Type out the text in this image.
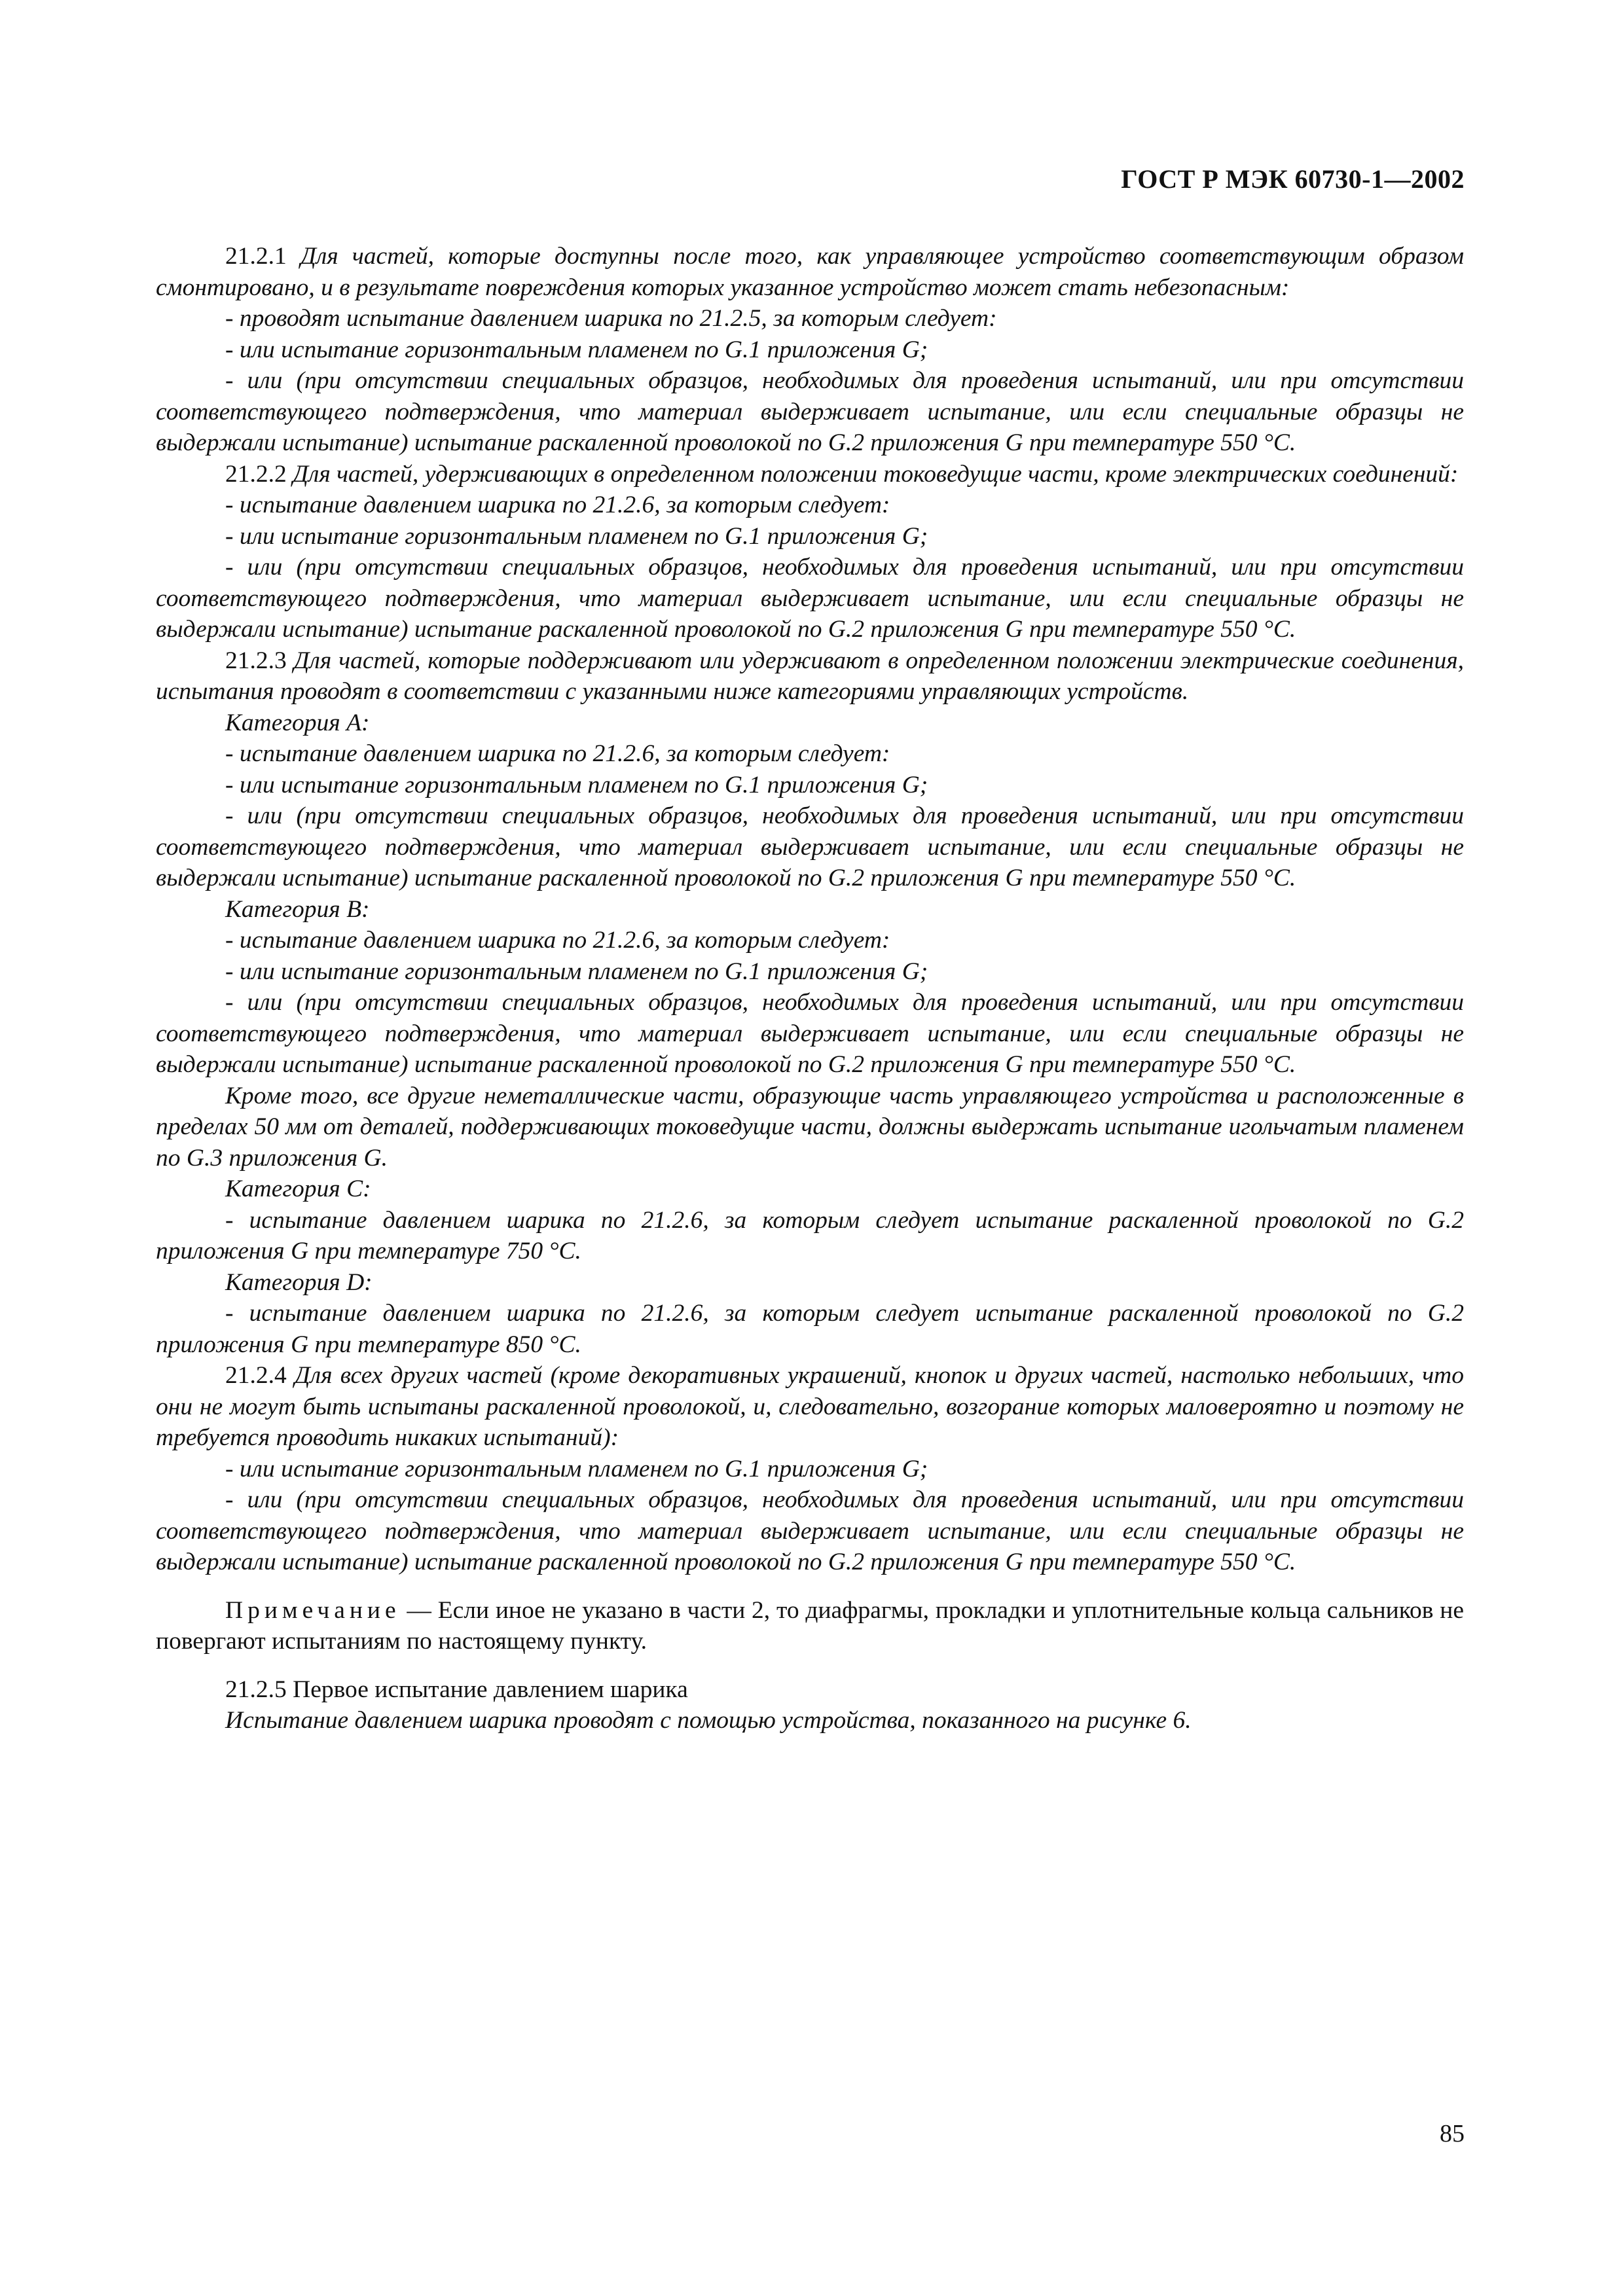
ГОСТ Р МЭК 60730-1—2002

21.2.1 Для частей, которые доступны после того, как управляющее устройство соответствующим образом смонтировано, и в результате повреждения которых указанное устройство может стать небезопасным:

- проводят испытание давлением шарика по 21.2.5, за которым следует:

- или испытание горизонтальным пламенем по G.1 приложения G;

- или (при отсутствии специальных образцов, необходимых для проведения испытаний, или при отсутствии соответствующего подтверждения, что материал выдерживает испытание, или если специальные образцы не выдержали испытание) испытание раскаленной проволокой по G.2 приложения G при температуре 550 °C.

21.2.2 Для частей, удерживающих в определенном положении токоведущие части, кроме электрических соединений:

- испытание давлением шарика по 21.2.6, за которым следует:

- или испытание горизонтальным пламенем по G.1 приложения G;

- или (при отсутствии специальных образцов, необходимых для проведения испытаний, или при отсутствии соответствующего подтверждения, что материал выдерживает испытание, или если специальные образцы не выдержали испытание) испытание раскаленной проволокой по G.2 приложения G при температуре 550 °C.

21.2.3 Для частей, которые поддерживают или удерживают в определенном положении электрические соединения, испытания проводят в соответствии с указанными ниже категориями управляющих устройств.

Категория А:

- испытание давлением шарика по 21.2.6, за которым следует:

- или испытание горизонтальным пламенем по G.1 приложения G;

- или (при отсутствии специальных образцов, необходимых для проведения испытаний, или при отсутствии соответствующего подтверждения, что материал выдерживает испытание, или если специальные образцы не выдержали испытание) испытание раскаленной проволокой по G.2 приложения G при температуре 550 °C.

Категория В:

- испытание давлением шарика по 21.2.6, за которым следует:

- или испытание горизонтальным пламенем по G.1 приложения G;

- или (при отсутствии специальных образцов, необходимых для проведения испытаний, или при отсутствии соответствующего подтверждения, что материал выдерживает испытание, или если специальные образцы не выдержали испытание) испытание раскаленной проволокой по G.2 приложения G при температуре 550 °C.

Кроме того, все другие неметаллические части, образующие часть управляющего устройства и расположенные в пределах 50 мм от деталей, поддерживающих токоведущие части, должны выдержать испытание игольчатым пламенем по G.3 приложения G.

Категория С:

- испытание давлением шарика по 21.2.6, за которым следует испытание раскаленной проволокой по G.2 приложения G при температуре 750 °C.

Категория D:

- испытание давлением шарика по 21.2.6, за которым следует испытание раскаленной проволокой по G.2 приложения G при температуре 850 °C.

21.2.4 Для всех других частей (кроме декоративных украшений, кнопок и других частей, настолько небольших, что они не могут быть испытаны раскаленной проволокой, и, следовательно, возгорание которых маловероятно и поэтому не требуется проводить никаких испытаний):

- или испытание горизонтальным пламенем по G.1 приложения G;

- или (при отсутствии специальных образцов, необходимых для проведения испытаний, или при отсутствии соответствующего подтверждения, что материал выдерживает испытание, или если специальные образцы не выдержали испытание) испытание раскаленной проволокой по G.2 приложения G при температуре 550 °C.

Примечание — Если иное не указано в части 2, то диафрагмы, прокладки и уплотнительные кольца сальников не повергают испытаниям по настоящему пункту.

21.2.5 Первое испытание давлением шарика

Испытание давлением шарика проводят с помощью устройства, показанного на рисунке 6.

85
